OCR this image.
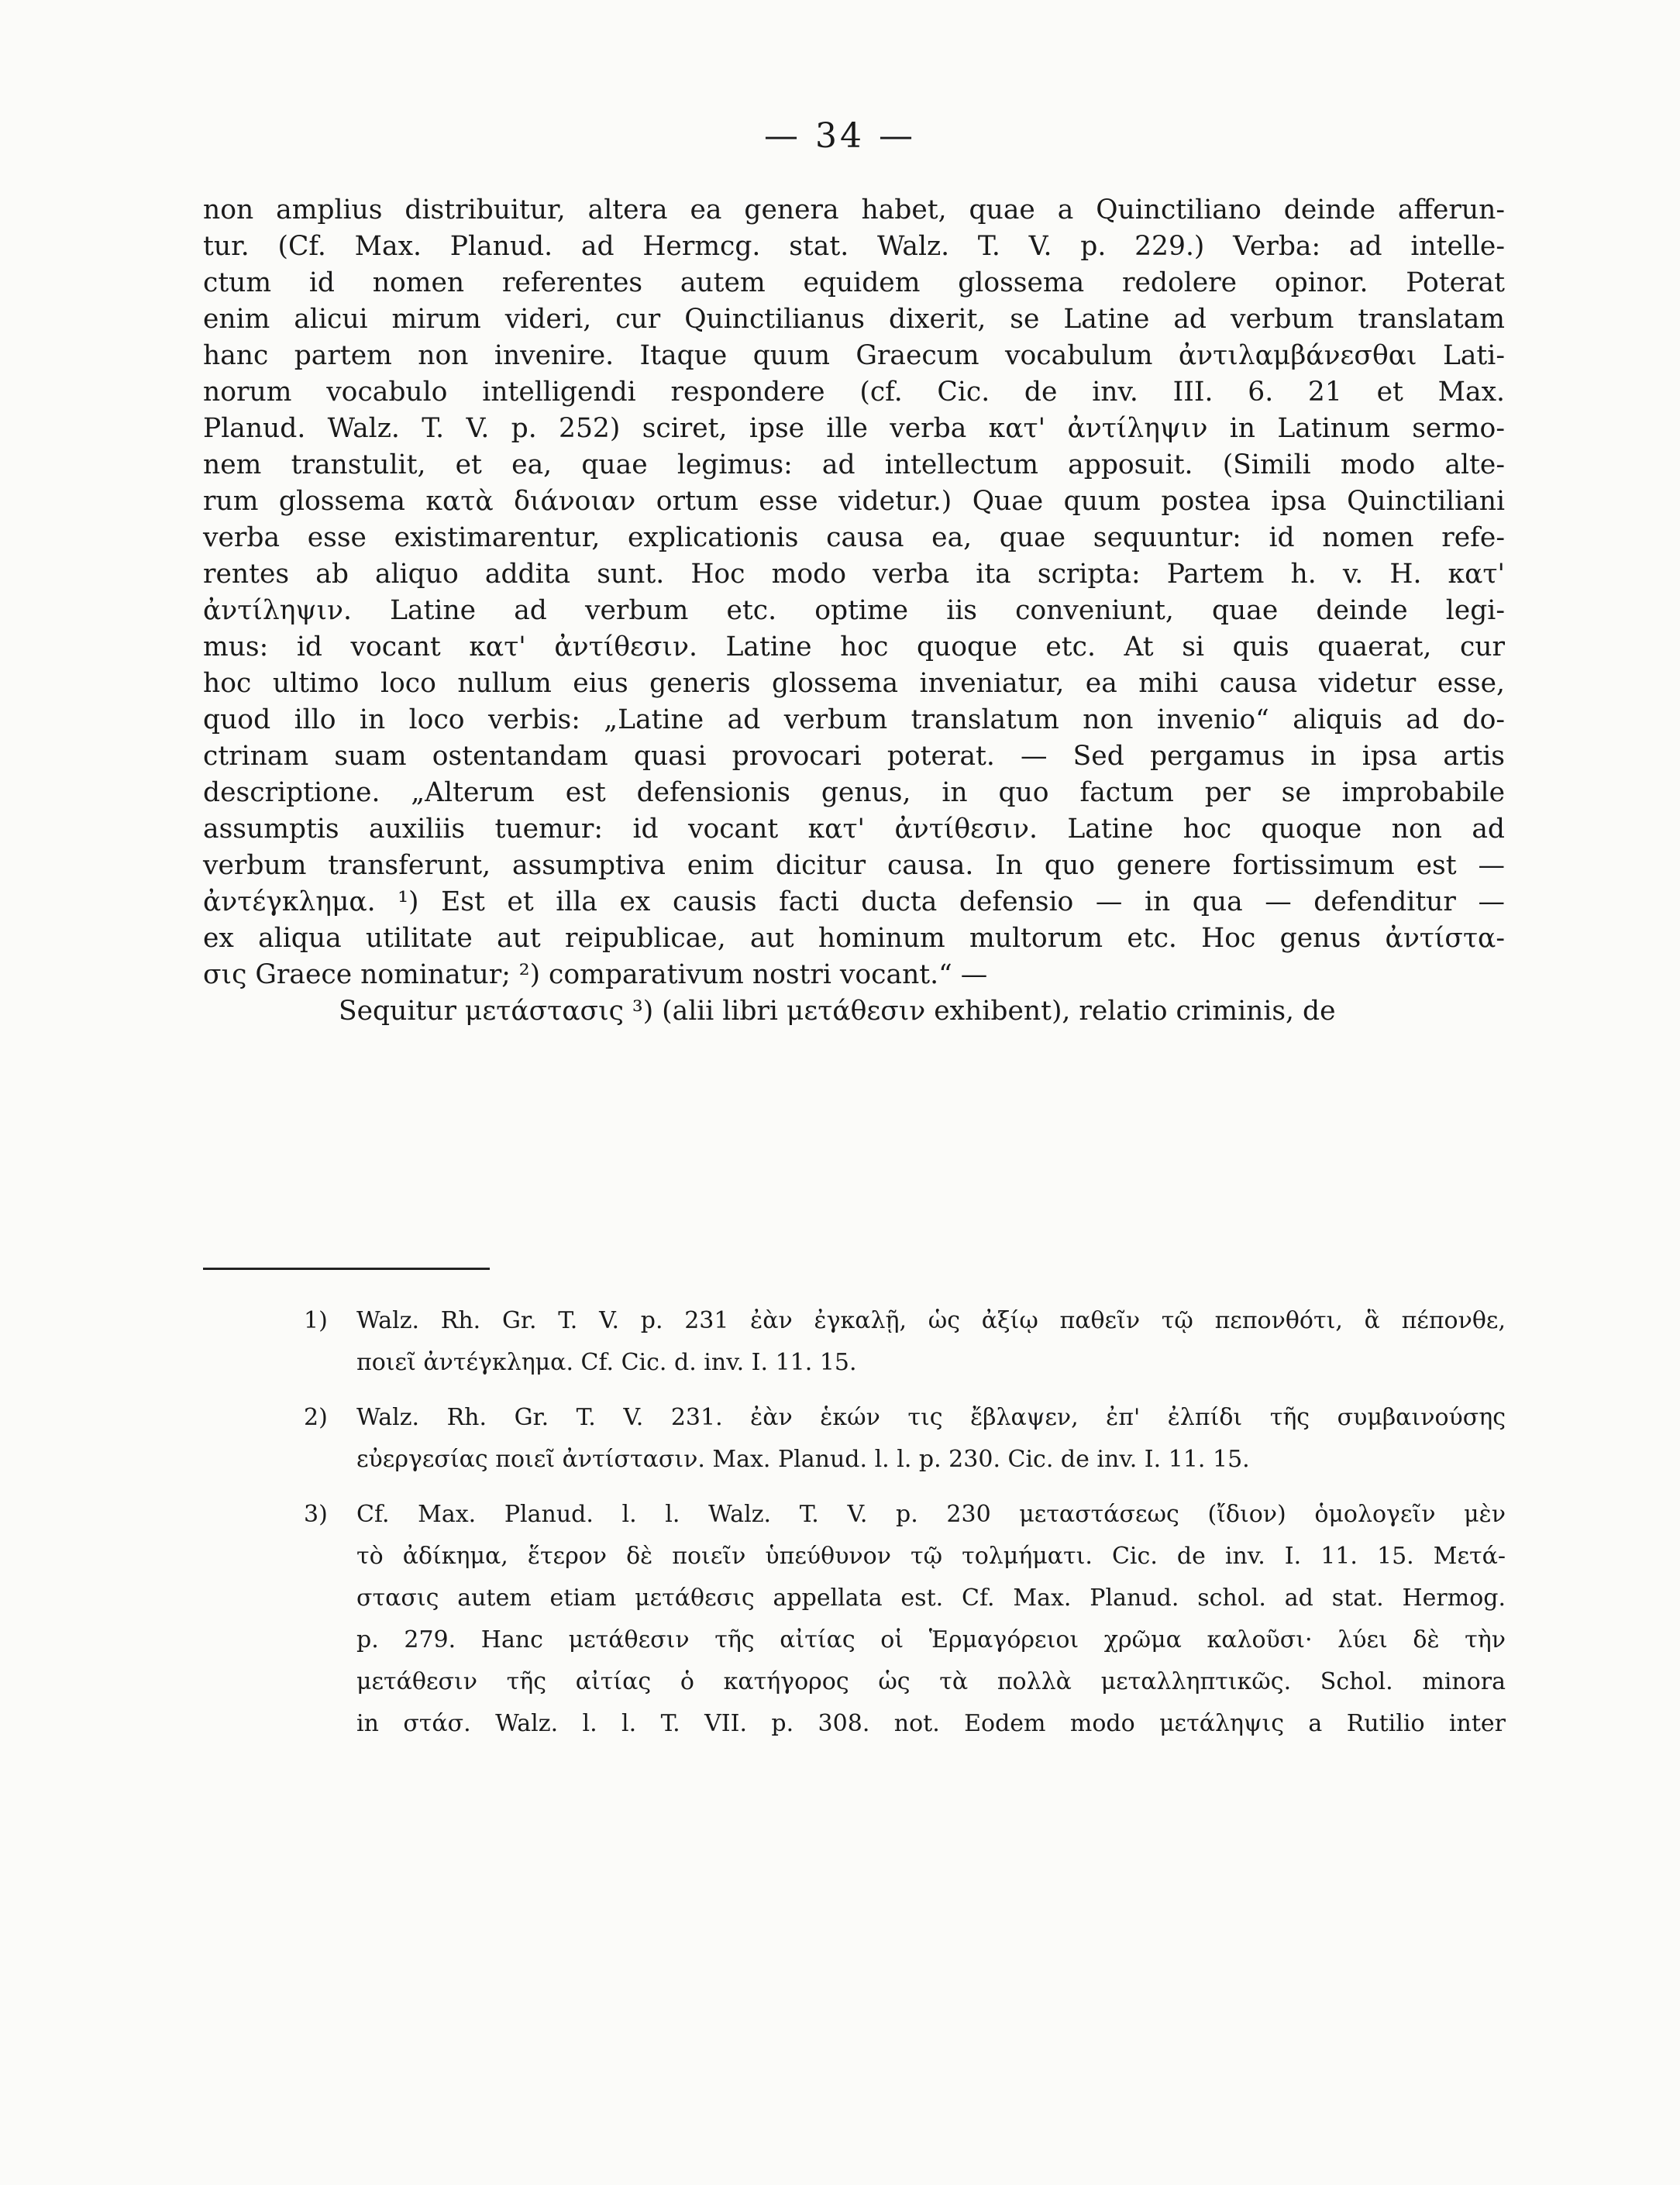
— 34 —
non amplius distribuitur, altera ea genera habet, quae a Quinctiliano deinde afferun-
tur. (Cf. Max. Planud. ad Hermcg. stat. Walz. T. V. p. 229.) Verba: ad intelle-
ctum id nomen referentes autem equidem glossema redolere opinor. Poterat
enim alicui mirum videri, cur Quinctilianus dixerit, se Latine ad verbum translatam
hanc partem non invenire. Itaque quum Graecum vocabulum ἀντιλαμβάνεσθαι Lati-
norum vocabulo intelligendi respondere (cf. Cic. de inv. III. 6. 21 et Max.
Planud. Walz. T. V. p. 252) sciret, ipse ille verba κατ' ἀντίληψιν in Latinum sermo-
nem transtulit, et ea, quae legimus: ad intellectum apposuit. (Simili modo alte-
rum glossema κατὰ διάνοιαν ortum esse videtur.) Quae quum postea ipsa Quinctiliani
verba esse existimarentur, explicationis causa ea, quae sequuntur: id nomen refe-
rentes ab aliquo addita sunt. Hoc modo verba ita scripta: Partem h. v. H. κατ'
ἀντίληψιν. Latine ad verbum etc. optime iis conveniunt, quae deinde legi-
mus: id vocant κατ' ἀντίθεσιν. Latine hoc quoque etc. At si quis quaerat, cur
hoc ultimo loco nullum eius generis glossema inveniatur, ea mihi causa videtur esse,
quod illo in loco verbis: „Latine ad verbum translatum non invenio“ aliquis ad do-
ctrinam suam ostentandam quasi provocari poterat. — Sed pergamus in ipsa artis
descriptione. „Alterum est defensionis genus, in quo factum per se improbabile
assumptis auxiliis tuemur: id vocant κατ' ἀντίθεσιν. Latine hoc quoque non ad
verbum transferunt, assumptiva enim dicitur causa. In quo genere fortissimum est —
ἀντέγκλημα. ¹) Est et illa ex causis facti ducta defensio — in qua — defenditur —
ex aliqua utilitate aut reipublicae, aut hominum multorum etc. Hoc genus ἀντίστα-
σις Graece nominatur; ²) comparativum nostri vocant.“ —
Sequitur μετάστασις ³) (alii libri μετάθεσιν exhibent), relatio criminis, de
1)	Walz. Rh. Gr. T. V. p. 231 ἐὰν ἐγκαλῇ, ὡς ἀξίῳ παθεῖν τῷ πεπονθότι, ἃ πέπονθε,
ποιεῖ ἀντέγκλημα. Cf. Cic. d. inv. I. 11. 15.
2)	Walz. Rh. Gr. T. V. 231. ἐὰν ἑκών τις ἔβλαψεν, ἐπ' ἐλπίδι τῆς συμβαινούσης
εὐεργεσίας ποιεῖ ἀντίστασιν. Max. Planud. l. l. p. 230. Cic. de inv. I. 11. 15.
3)	Cf. Max. Planud. l. l. Walz. T. V. p. 230 μεταστάσεως (ἴδιον) ὁμολογεῖν μὲν
τὸ ἀδίκημα, ἕτερον δὲ ποιεῖν ὑπεύθυνον τῷ τολμήματι. Cic. de inv. I. 11. 15. Μετά-
στασις autem etiam μετάθεσις appellata est. Cf. Max. Planud. schol. ad stat. Hermog.
p. 279. Hanc μετάθεσιν τῆς αἰτίας οἱ Ἑρμαγόρειοι χρῶμα καλοῦσι· λύει δὲ τὴν
μετάθεσιν τῆς αἰτίας ὁ κατήγορος ὡς τὰ πολλὰ μεταλληπτικῶς. Schol. minora
in στάσ. Walz. l. l. T. VII. p. 308. not. Eodem modo μετάληψις a Rutilio inter
